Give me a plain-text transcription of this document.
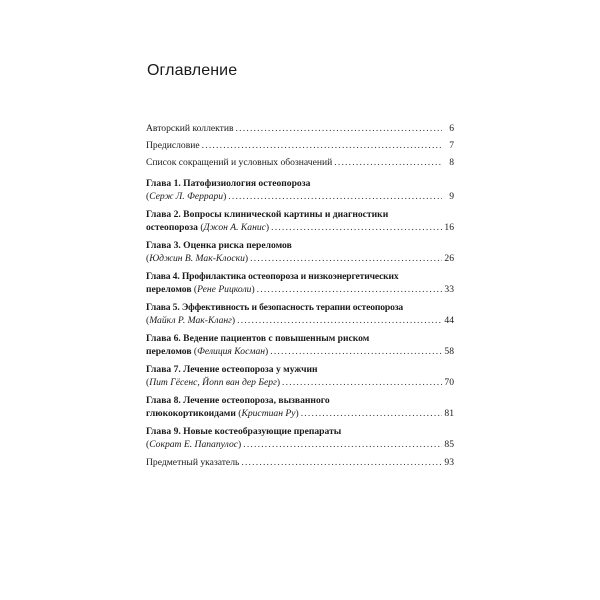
Оглавление
Авторский коллектив .....	6
Предисловие .....	7
Список сокращений и условных обозначений .....	8
Глава 1. Патофизиология остеопороза
(Серж Л. Феррари) .....	9
Глава 2. Вопросы клинической картины и диагностики
остеопороза (Джон А. Канис) .....	16
Глава 3. Оценка риска переломов
(Юджин В. Мак-Клоски) .....	26
Глава 4. Профилактика остеопороза и низкоэнергетических
переломов (Рене Рицколи) .....	33
Глава 5. Эффективность и безопасность терапии остеопороза
(Майкл Р. Мак-Кланг) .....	44
Глава 6. Ведение пациентов с повышенным риском
переломов (Фелиция Косман) .....	58
Глава 7. Лечение остеопороза у мужчин
(Пит Гёсенс, Йопп ван дер Берг) .....	70
Глава 8. Лечение остеопороза, вызванного
глюкокортикоидами (Кристиан Ру) .....	81
Глава 9. Новые костеобразующие препараты
(Сократ Е. Папапулос) .....	85
Предметный указатель .....	93
